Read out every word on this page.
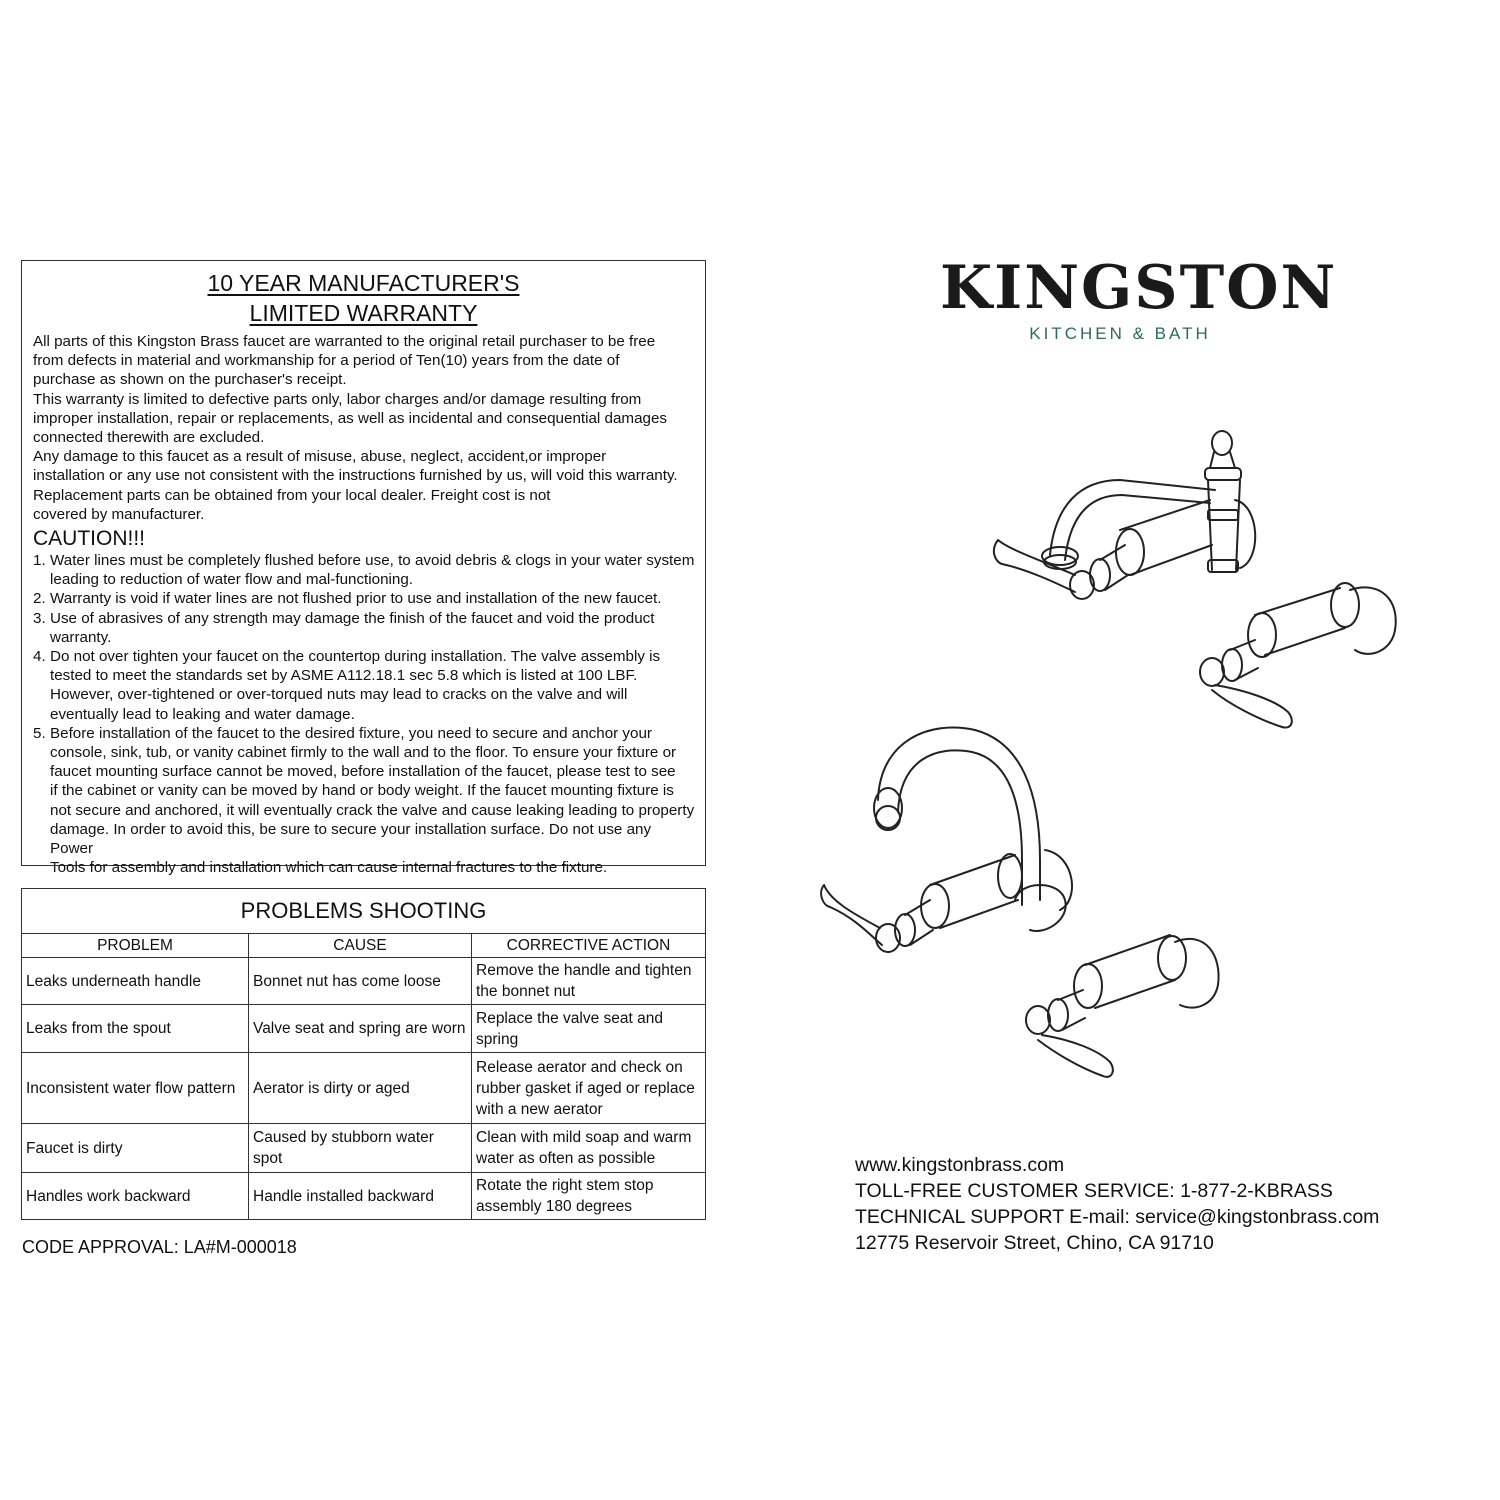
10 YEAR MANUFACTURER'S
LIMITED WARRANTY

All parts of this Kingston Brass faucet are warranted to the original retail purchaser to be free

from defects in material and workmanship for a period of Ten(10) years from the date of

purchase as shown on the purchaser's receipt.

This warranty is limited to defective parts only, labor charges and/or damage resulting from

improper installation, repair or replacements, as well as incidental and consequential damages

connected therewith are excluded.

Any damage to this faucet as a result of misuse, abuse, neglect, accident,or improper

installation or any use not consistent with the instructions furnished by us, will void this warranty.

Replacement parts can be obtained from your local dealer. Freight cost is not

covered by manufacturer.

CAUTION!!!
1. Water lines must be completely flushed before use, to avoid debris & clogs in your water system
leading to reduction of water flow and mal-functioning.
2. Warranty is void if water lines are not flushed prior to use and installation of the new faucet.
3. Use of abrasives of any strength may damage the finish of the faucet and void the product
warranty.
4. Do not over tighten your faucet on the countertop during installation. The valve assembly is
tested to meet the standards set by ASME A112.18.1 sec 5.8 which is listed at 100 LBF.
However, over-tightened or over-torqued nuts may lead to cracks on the valve and will
eventually lead to leaking and water damage.
5. Before installation of the faucet to the desired fixture, you need to secure and anchor your
console, sink, tub, or vanity cabinet firmly to the wall and to the floor. To ensure your fixture or
faucet mounting surface cannot be moved, before installation of the faucet, please test to see
if the cabinet or vanity can be moved by hand or body weight. If the faucet mounting fixture is
not secure and anchored, it will eventually crack the valve and cause leaking leading to property
damage. In order to avoid this, be sure to secure your installation surface. Do not use any Power
Tools for assembly and installation which can cause internal fractures to the fixture.
PROBLEMS SHOOTING
PROBLEM	CAUSE	CORRECTIVE ACTION
Leaks underneath handle	Bonnet nut has come loose	Remove the handle and tighten the bonnet nut
Leaks from the spout	Valve seat and spring are worn	Replace the valve seat and spring
Inconsistent water flow pattern	Aerator is dirty or aged	Release aerator and check on rubber gasket if aged or replace with a new aerator
Faucet is dirty	Caused by stubborn water spot	Clean with mild soap and warm water as often as possible
Handles work backward	Handle installed backward	Rotate the right stem stop assembly 180 degrees
CODE APPROVAL: LA#M-000018
KINGSTON
KITCHEN & BATH
www.kingstonbrass.com
TOLL-FREE CUSTOMER SERVICE: 1-877-2-KBRASS
TECHNICAL SUPPORT E-mail: service@kingstonbrass.com
12775 Reservoir Street, Chino, CA 91710
